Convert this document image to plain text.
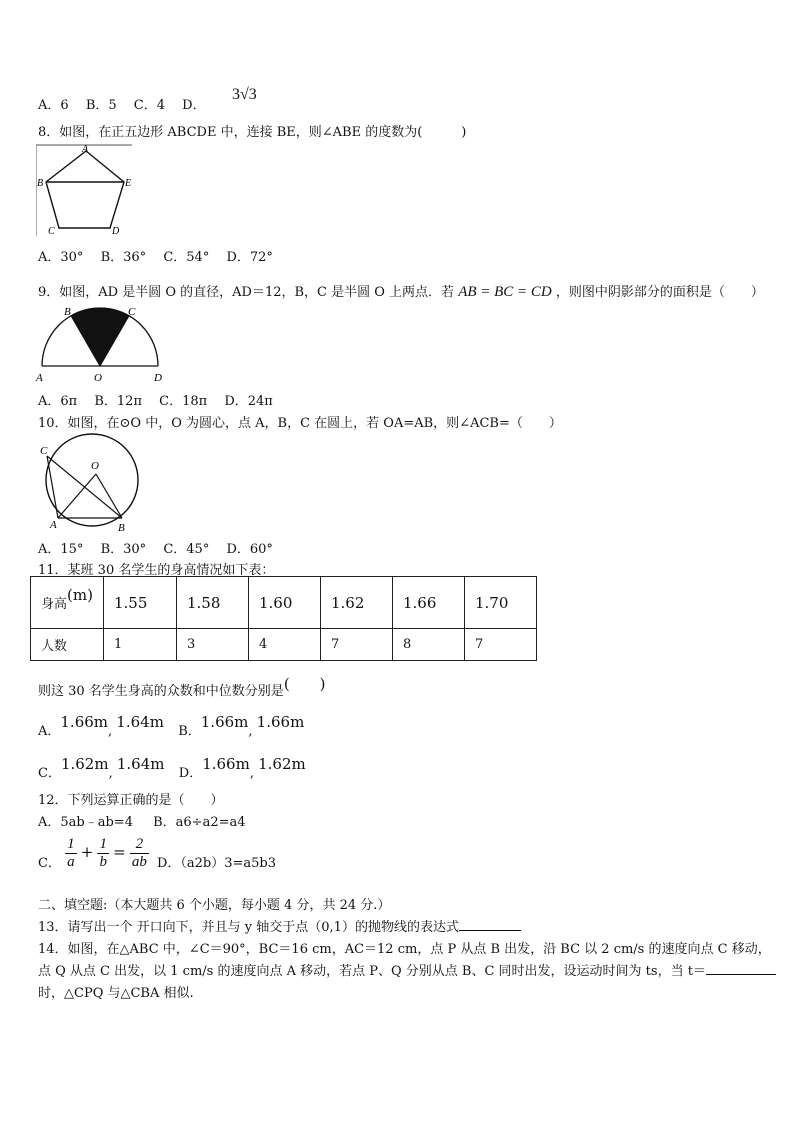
A．6 B．5 C．4 D．
3√3
8．如图，在正五边形 ABCDE 中，连接 BE，则∠ABE 的度数为(　　　)
A
B	E
C	D
A．30° B．36° C．54° D．72°
9．如图，AD 是半圆 O 的直径，AD＝12，B，C 是半圆 O 上两点．若 AB = BC = CD ，则图中阴影部分的面积是（　　）
B	C
A	O	D
A．6π B．12π C．18π D．24π
10．如图，在⊙O 中，O 为圆心，点 A，B，C 在圆上，若 OA=AB，则∠ACB=（　　）
C
O
A	B
A．15° B．30° C．45° D．60°
11．某班 30 名学生的身高情况如下表：
身高(m)	1.55	1.58	1.60	1.62	1.66	1.70
人数	1	3	4	7	8	7
则这 30 名学生身高的众数和中位数分别是(　　)
A．1.66m, 1.64m  B．1.66m, 1.66m
C．1.62m, 1.64m  D．1.66m, 1.62m
12．下列运算正确的是（　　）
A．5ab﹣ab=4 B．a6÷a2=a4
C． $\frac{1}{a} + \frac{1}{b} = \frac{2}{ab}$ D．（a2b）3=a5b3
二、填空题:（本大题共 6 个小题，每小题 4 分，共 24 分.）
13．请写出一个 开口向下，并且与 y 轴交于点（0,1）的抛物线的表达式
14．如图，在△ABC 中，∠C＝90°，BC＝16 cm，AC＝12 cm，点 P 从点 B 出发，沿 BC 以 2 cm/s 的速度向点 C 移动，
点 Q 从点 C 出发，以 1 cm/s 的速度向点 A 移动，若点 P、Q 分别从点 B、C 同时出发，设运动时间为 ts，当 t＝
时，△CPQ 与△CBA 相似.
